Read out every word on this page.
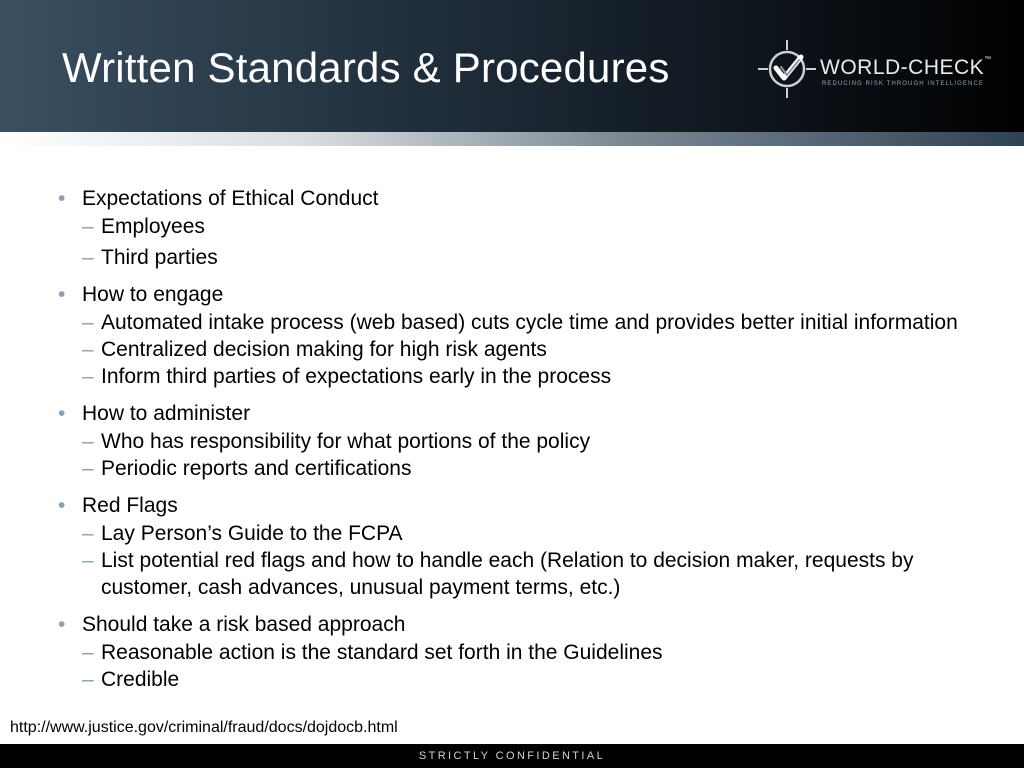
Written Standards & Procedures	WORLD-CHECK™
REDUCING RISK THROUGH INTELLIGENCE
• Expectations of Ethical Conduct
– Employees
– Third parties
• How to engage
– Automated intake process (web based) cuts cycle time and provides better initial information
– Centralized decision making for high risk agents
– Inform third parties of expectations early in the process
• How to administer
– Who has responsibility for what portions of the policy
– Periodic reports and certifications
• Red Flags
– Lay Person’s Guide to the FCPA
– List potential red flags and how to handle each (Relation to decision maker, requests by customer, cash advances, unusual payment terms, etc.)
• Should take a risk based approach
– Reasonable action is the standard set forth in the Guidelines
– Credible
http://www.justice.gov/criminal/fraud/docs/dojdocb.html
STRICTLY CONFIDENTIAL
